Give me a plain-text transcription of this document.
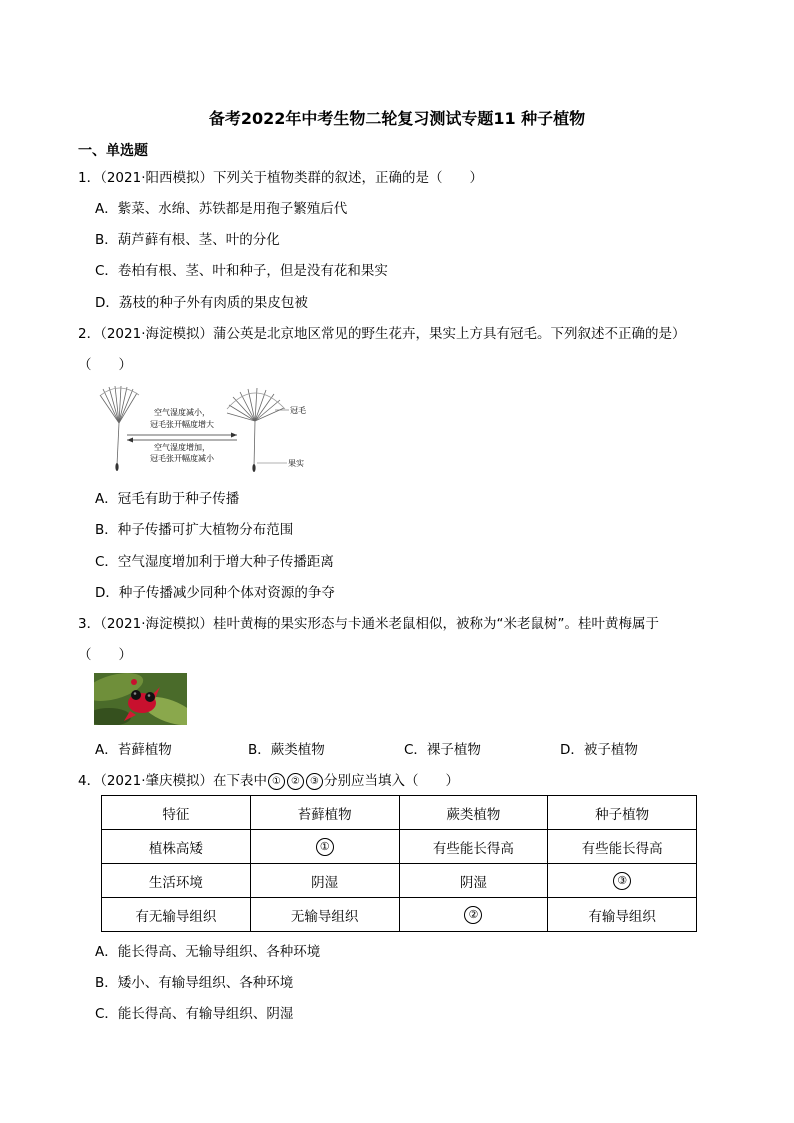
备考2022年中考生物二轮复习测试专题11 种子植物
一、单选题
1．（2021·阳西模拟）下列关于植物类群的叙述，正确的是（　　）
A．紫菜、水绵、苏铁都是用孢子繁殖后代
B．葫芦藓有根、茎、叶的分化
C．卷柏有根、茎、叶和种子，但是没有花和果实
D．荔枝的种子外有肉质的果皮包被
2．（2021·海淀模拟）蒲公英是北京地区常见的野生花卉，果实上方具有冠毛。下列叙述不正确的是）
（　　）
空气湿度减小，
冠毛张开幅度增大
空气湿度增加，
冠毛张开幅度减小
冠毛
果实
A．冠毛有助于种子传播
B．种子传播可扩大植物分布范围
C．空气湿度增加利于增大种子传播距离
D．种子传播减少同种个体对资源的争夺
3．（2021·海淀模拟）桂叶黄梅的果实形态与卡通米老鼠相似，被称为“米老鼠树”。桂叶黄梅属于
（　　）
A．苔藓植物	B．蕨类植物	C．裸子植物	D．被子植物
4．（2021·肇庆模拟）在下表中 ① ② ③ 分别应当填入（　　）
特征	苔藓植物	蕨类植物	种子植物
植株高矮	①	有些能长得高	有些能长得高
生活环境	阴湿	阴湿	③
有无输导组织	无输导组织	②	有输导组织
A．能长得高、无输导组织、各种环境
B．矮小、有输导组织、各种环境
C．能长得高、有输导组织、阴湿
